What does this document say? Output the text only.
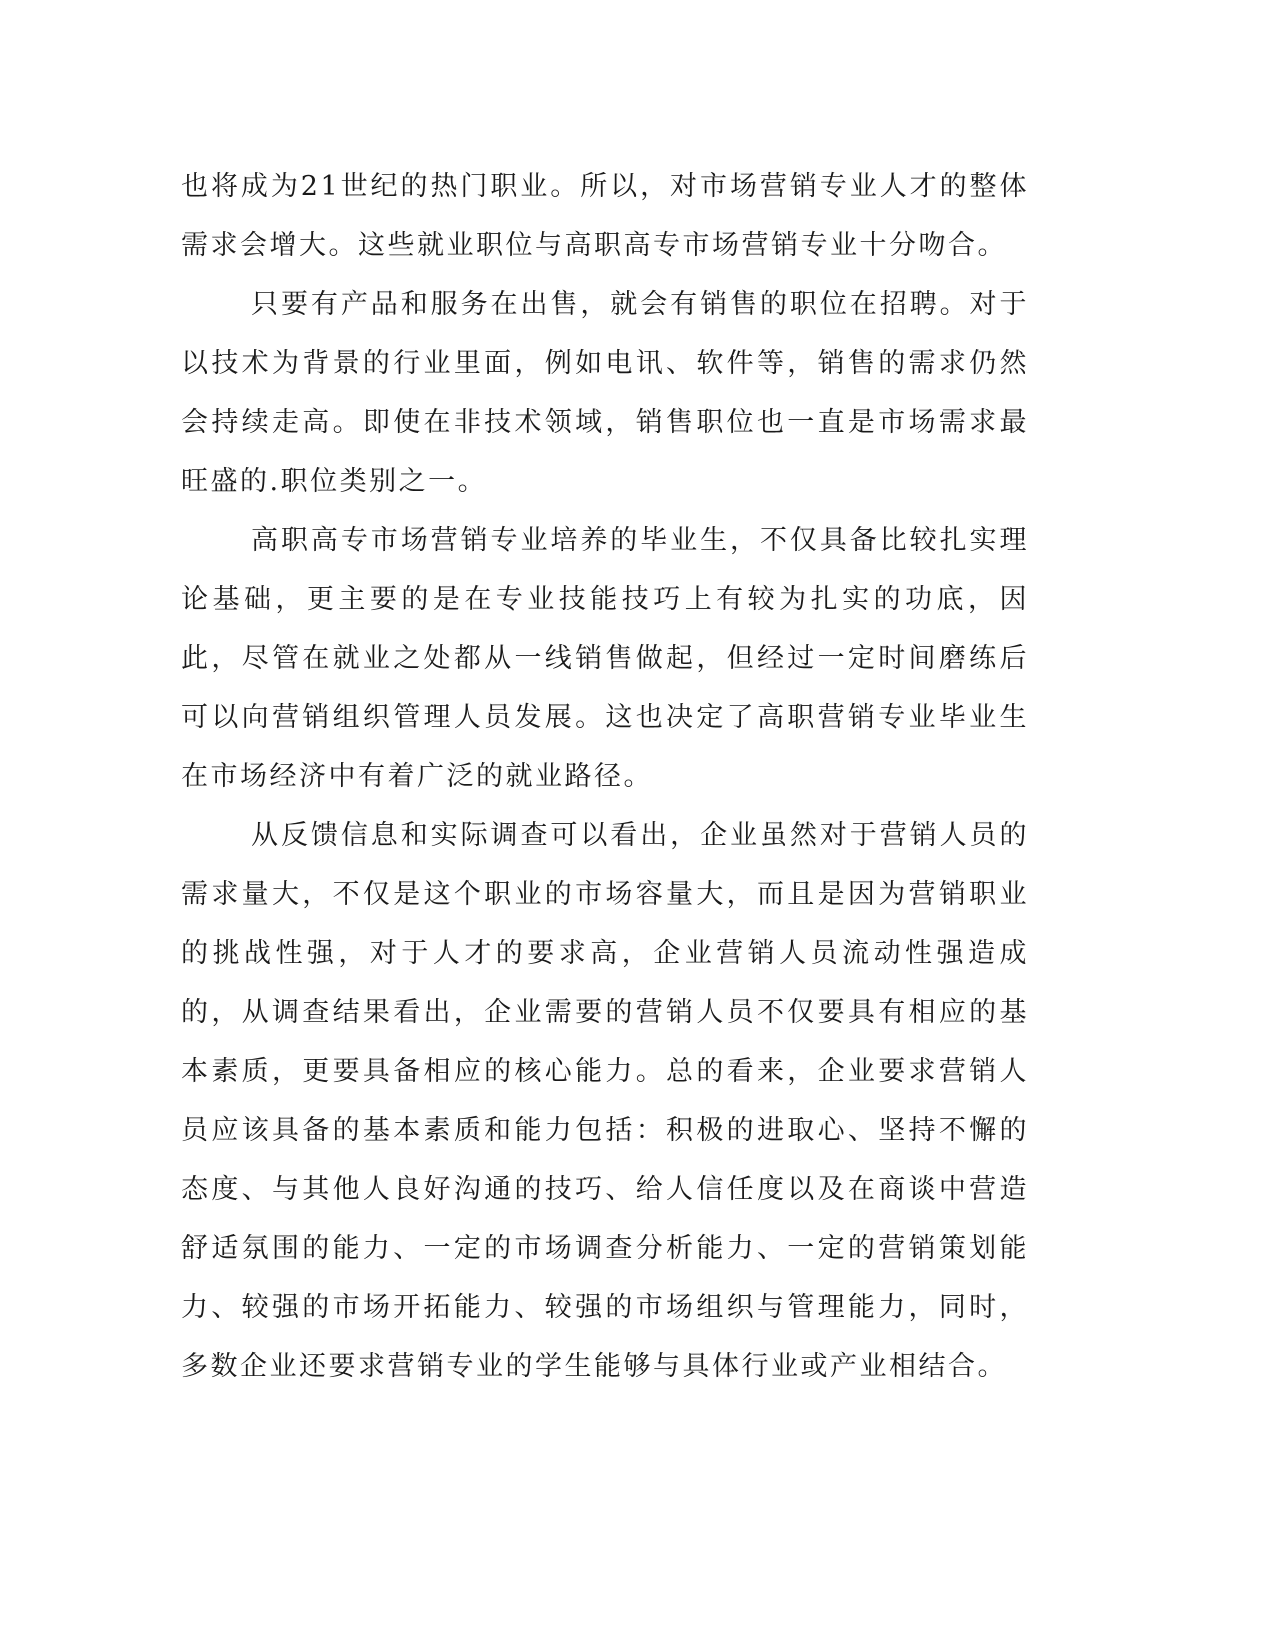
也将成为21世纪的热门职业。所以，对市场营销专业人才的整体需求会增大。这些就业职位与高职高专市场营销专业十分吻合。

只要有产品和服务在出售，就会有销售的职位在招聘。对于以技术为背景的行业里面，例如电讯、软件等，销售的需求仍然会持续走高。即使在非技术领域，销售职位也一直是市场需求最旺盛的.职位类别之一。

高职高专市场营销专业培养的毕业生，不仅具备比较扎实理论基础，更主要的是在专业技能技巧上有较为扎实的功底，因此，尽管在就业之处都从一线销售做起，但经过一定时间磨练后可以向营销组织管理人员发展。这也决定了高职营销专业毕业生在市场经济中有着广泛的就业路径。

从反馈信息和实际调查可以看出，企业虽然对于营销人员的需求量大，不仅是这个职业的市场容量大，而且是因为营销职业的挑战性强，对于人才的要求高，企业营销人员流动性强造成的，从调查结果看出，企业需要的营销人员不仅要具有相应的基本素质，更要具备相应的核心能力。总的看来，企业要求营销人员应该具备的基本素质和能力包括：积极的进取心、坚持不懈的态度、与其他人良好沟通的技巧、给人信任度以及在商谈中营造舒适氛围的能力、一定的市场调查分析能力、一定的营销策划能力、较强的市场开拓能力、较强的市场组织与管理能力，同时，多数企业还要求营销专业的学生能够与具体行业或产业相结合。
